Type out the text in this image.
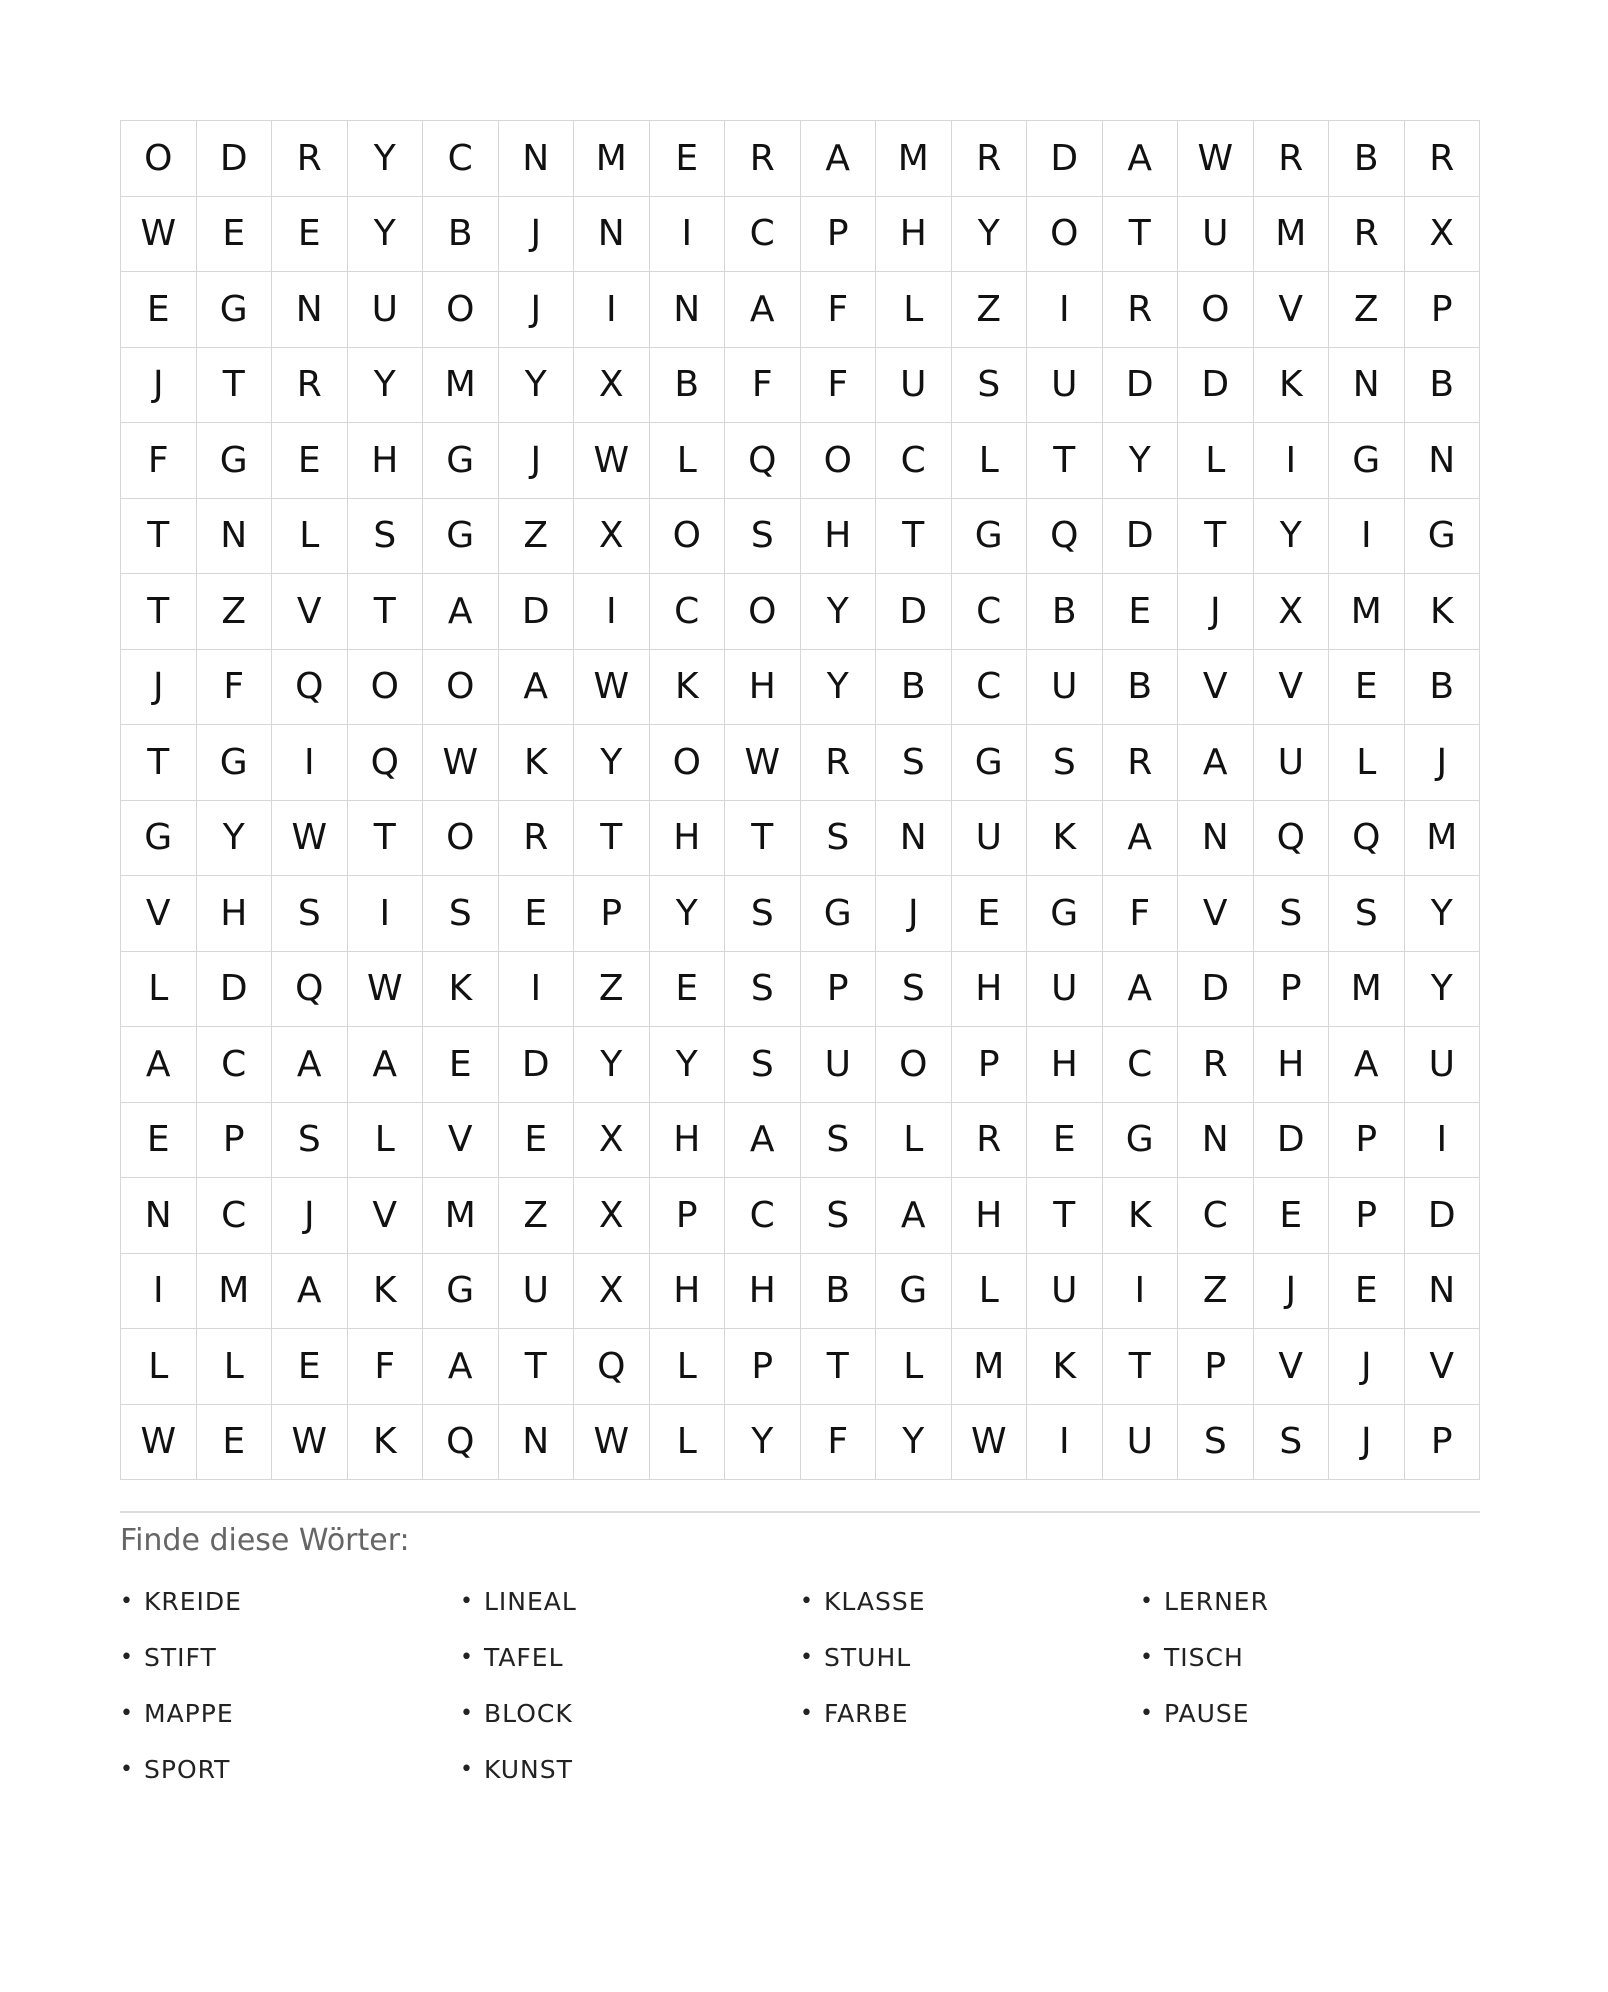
O	D	R	Y	C	N	M	E	R	A	M	R	D	A	W	R	B	R
W	E	E	Y	B	J	N	I	C	P	H	Y	O	T	U	M	R	X
E	G	N	U	O	J	I	N	A	F	L	Z	I	R	O	V	Z	P
J	T	R	Y	M	Y	X	B	F	F	U	S	U	D	D	K	N	B
F	G	E	H	G	J	W	L	Q	O	C	L	T	Y	L	I	G	N
T	N	L	S	G	Z	X	O	S	H	T	G	Q	D	T	Y	I	G
T	Z	V	T	A	D	I	C	O	Y	D	C	B	E	J	X	M	K
J	F	Q	O	O	A	W	K	H	Y	B	C	U	B	V	V	E	B
T	G	I	Q	W	K	Y	O	W	R	S	G	S	R	A	U	L	J
G	Y	W	T	O	R	T	H	T	S	N	U	K	A	N	Q	Q	M
V	H	S	I	S	E	P	Y	S	G	J	E	G	F	V	S	S	Y
L	D	Q	W	K	I	Z	E	S	P	S	H	U	A	D	P	M	Y
A	C	A	A	E	D	Y	Y	S	U	O	P	H	C	R	H	A	U
E	P	S	L	V	E	X	H	A	S	L	R	E	G	N	D	P	I
N	C	J	V	M	Z	X	P	C	S	A	H	T	K	C	E	P	D
I	M	A	K	G	U	X	H	H	B	G	L	U	I	Z	J	E	N
L	L	E	F	A	T	Q	L	P	T	L	M	K	T	P	V	J	V
W	E	W	K	Q	N	W	L	Y	F	Y	W	I	U	S	S	J	P
Finde diese Wörter:
• KREIDE	• LINEAL	• KLASSE	• LERNER
• STIFT	• TAFEL	• STUHL	• TISCH
• MAPPE	• BLOCK	• FARBE	• PAUSE
• SPORT	• KUNST
